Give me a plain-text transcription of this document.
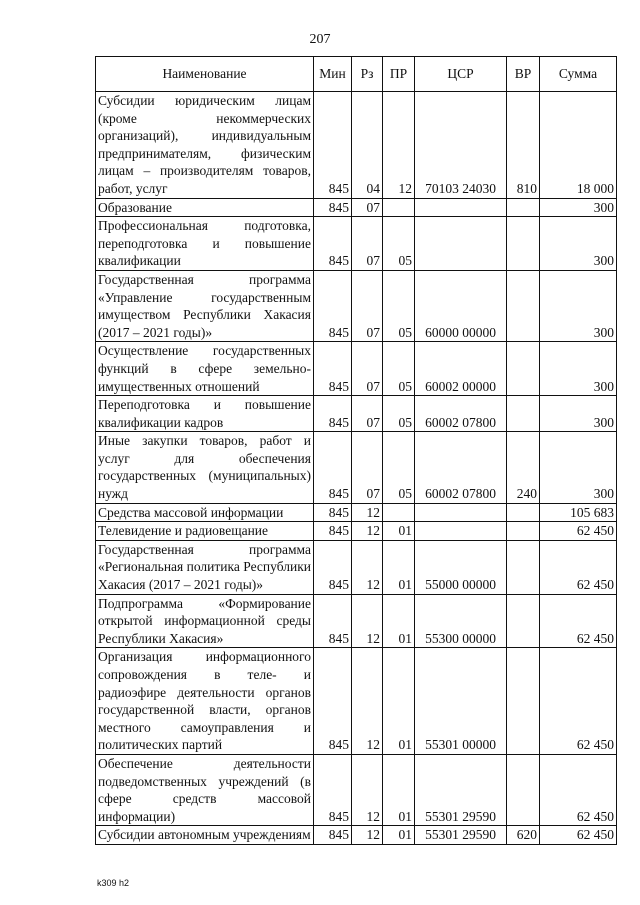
207
Наименование	Мин	Рз	ПР	ЦСР	ВР	Сумма
Субсидии юридическим лицам (кроме некоммерческих организаций), индивидуальным предпринимателям, физическим лицам – производителям товаров, работ, услуг	845	04	12	70103 24030	810	18 000
Образование	845	07				300
Профессиональная подготовка, переподготовка и повышение квалификации	845	07	05			300
Государственная программа «Управление государственным имуществом Республики Хакасия (2017 – 2021 годы)»	845	07	05	60000 00000		300
Осуществление государственных функций в сфере земельно-имущественных отношений	845	07	05	60002 00000		300
Переподготовка и повышение квалификации кадров	845	07	05	60002 07800		300
Иные закупки товаров, работ и услуг для обеспечения государственных (муниципальных) нужд	845	07	05	60002 07800	240	300
Средства массовой информации	845	12				105 683
Телевидение и радиовещание	845	12	01			62 450
Государственная программа «Региональная политика Республики Хакасия (2017 – 2021 годы)»	845	12	01	55000 00000		62 450
Подпрограмма «Формирование открытой информационной среды Республики Хакасия»	845	12	01	55300 00000		62 450
Организация информационного сопровождения в теле- и радиоэфире деятельности органов государственной власти, органов местного самоуправления и политических партий	845	12	01	55301 00000		62 450
Обеспечение деятельности подведомственных учреждений (в сфере средств массовой информации)	845	12	01	55301 29590		62 450
Субсидии автономным учреждениям	845	12	01	55301 29590	620	62 450
k309 h2
